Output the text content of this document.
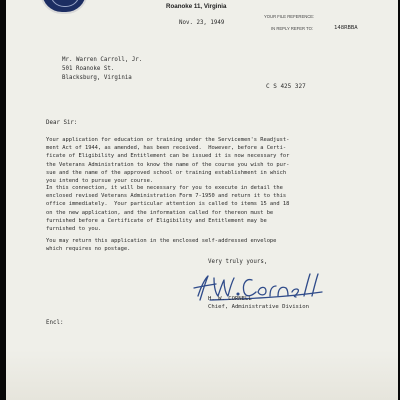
Roanoke 11, Virginia
YOUR FILE REFERENCE:
Nov. 23, 1949
IN REPLY REFER TO:	148RBBA
Mr. Warren Carroll, Jr.
501 Roanoke St.
Blacksburg, Virginia
C S 425 327
Dear Sir:
Your application for education or training under the Servicemen's Readjust-
ment Act of 1944, as amended, has been received.  However, before a Certi-
ficate of Eligibility and Entitlement can be issued it is now necessary for
the Veterans Administration to know the name of the course you wish to pur-
sue and the name of the approved school or training establishment in which
you intend to pursue your course.
In this connection, it will be necessary for you to execute in detail the
enclosed revised Veterans Administration Form 7-1950 and return it to this
office immediately.  Your particular attention is called to items 15 and 18
on the new application, and the information called for thereon must be
furnished before a Certificate of Eligibility and Entitlement may be
furnished to you.
You may return this application in the enclosed self-addressed envelope
which requires no postage.
Very truly yours,
H. W. CORNELL
Chief, Administrative Division
Encl:
